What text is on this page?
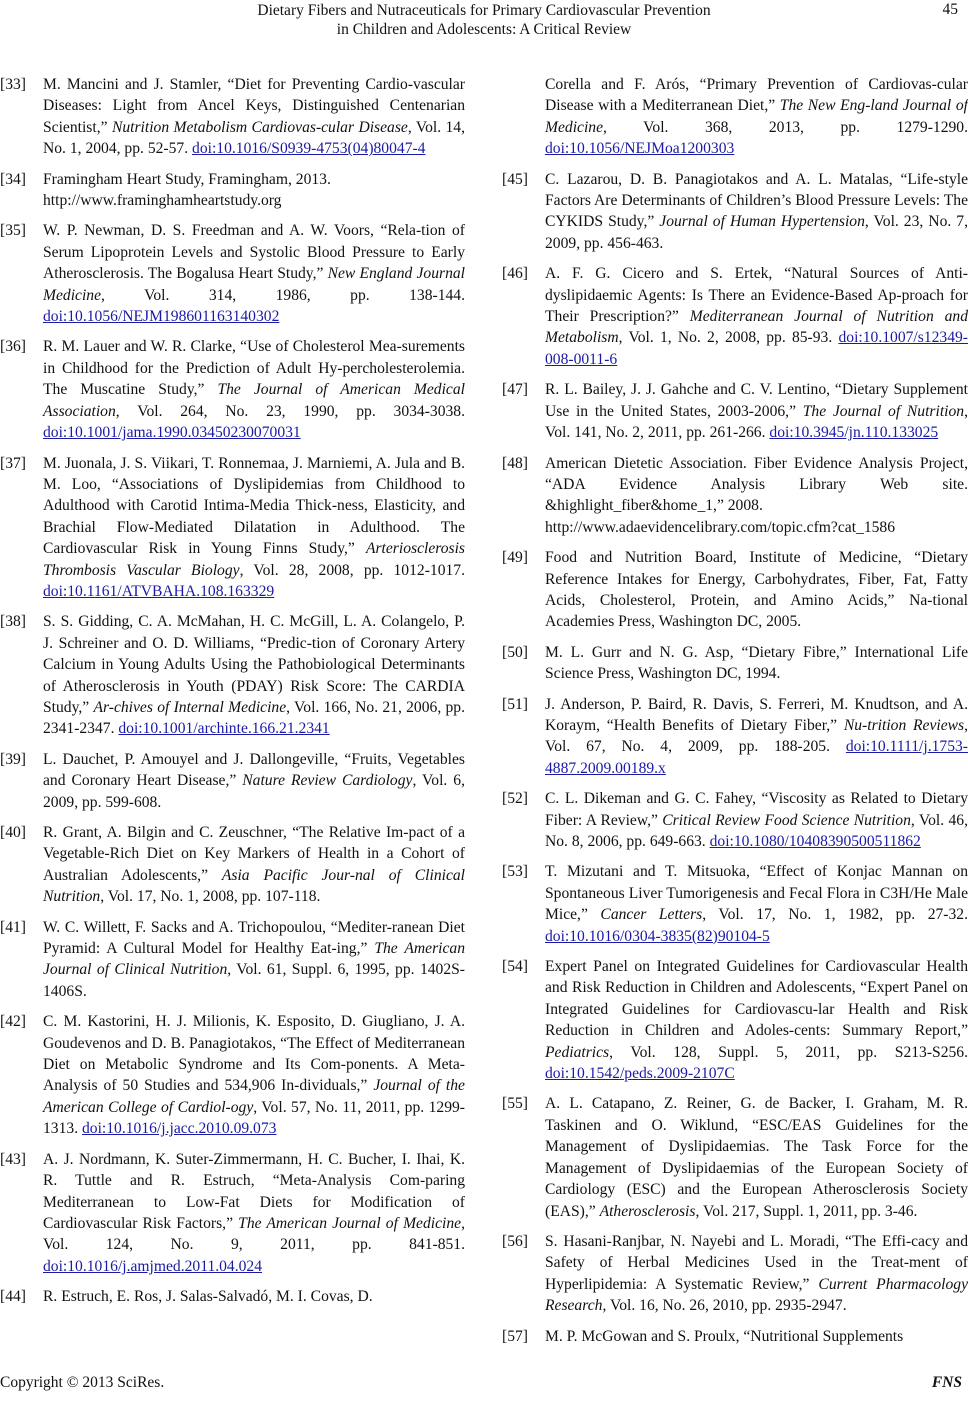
Dietary Fibers and Nutraceuticals for Primary Cardiovascular Prevention
in Children and Adolescents: A Critical Review
45
[33] M. Mancini and J. Stamler, “Diet for Preventing Cardio-vascular Diseases: Light from Ancel Keys, Distinguished Centenarian Scientist,” Nutrition Metabolism Cardiovas-cular Disease, Vol. 14, No. 1, 2004, pp. 52-57. doi:10.1016/S0939-4753(04)80047-4
[34] Framingham Heart Study, Framingham, 2013.
http://www.framinghamheartstudy.org
[35] W. P. Newman, D. S. Freedman and A. W. Voors, “Rela-tion of Serum Lipoprotein Levels and Systolic Blood Pressure to Early Atherosclerosis. The Bogalusa Heart Study,” New England Journal Medicine, Vol. 314, 1986, pp. 138-144. doi:10.1056/NEJM198601163140302
[36] R. M. Lauer and W. R. Clarke, “Use of Cholesterol Mea-surements in Childhood for the Prediction of Adult Hy-percholesterolemia. The Muscatine Study,” The Journal of American Medical Association, Vol. 264, No. 23, 1990, pp. 3034-3038. doi:10.1001/jama.1990.03450230070031
[37] M. Juonala, J. S. Viikari, T. Ronnemaa, J. Marniemi, A. Jula and B. M. Loo, “Associations of Dyslipidemias from Childhood to Adulthood with Carotid Intima-Media Thick-ness, Elasticity, and Brachial Flow-Mediated Dilatation in Adulthood. The Cardiovascular Risk in Young Finns Study,” Arteriosclerosis Thrombosis Vascular Biology, Vol. 28, 2008, pp. 1012-1017. doi:10.1161/ATVBAHA.108.163329
[38] S. S. Gidding, C. A. McMahan, H. C. McGill, L. A. Colangelo, P. J. Schreiner and O. D. Williams, “Predic-tion of Coronary Artery Calcium in Young Adults Using the Pathobiological Determinants of Atherosclerosis in Youth (PDAY) Risk Score: The CARDIA Study,” Ar-chives of Internal Medicine, Vol. 166, No. 21, 2006, pp. 2341-2347. doi:10.1001/archinte.166.21.2341
[39] L. Dauchet, P. Amouyel and J. Dallongeville, “Fruits, Vegetables and Coronary Heart Disease,” Nature Review Cardiology, Vol. 6, 2009, pp. 599-608.
[40] R. Grant, A. Bilgin and C. Zeuschner, “The Relative Im-pact of a Vegetable-Rich Diet on Key Markers of Health in a Cohort of Australian Adolescents,” Asia Pacific Jour-nal of Clinical Nutrition, Vol. 17, No. 1, 2008, pp. 107-118.
[41] W. C. Willett, F. Sacks and A. Trichopoulou, “Mediter-ranean Diet Pyramid: A Cultural Model for Healthy Eat-ing,” The American Journal of Clinical Nutrition, Vol. 61, Suppl. 6, 1995, pp. 1402S-1406S.
[42] C. M. Kastorini, H. J. Milionis, K. Esposito, D. Giugliano, J. A. Goudevenos and D. B. Panagiotakos, “The Effect of Mediterranean Diet on Metabolic Syndrome and Its Com-ponents. A Meta-Analysis of 50 Studies and 534,906 In-dividuals,” Journal of the American College of Cardiol-ogy, Vol. 57, No. 11, 2011, pp. 1299-1313. doi:10.1016/j.jacc.2010.09.073
[43] A. J. Nordmann, K. Suter-Zimmermann, H. C. Bucher, I. Ihai, K. R. Tuttle and R. Estruch, “Meta-Analysis Com-paring Mediterranean to Low-Fat Diets for Modification of Cardiovascular Risk Factors,” The American Journal of Medicine, Vol. 124, No. 9, 2011, pp. 841-851. doi:10.1016/j.amjmed.2011.04.024
[44] R. Estruch, E. Ros, J. Salas-Salvadó, M. I. Covas, D.
Corella and F. Arós, “Primary Prevention of Cardiovas-cular Disease with a Mediterranean Diet,” The New Eng-land Journal of Medicine, Vol. 368, 2013, pp. 1279-1290. doi:10.1056/NEJMoa1200303
[45] C. Lazarou, D. B. Panagiotakos and A. L. Matalas, “Life-style Factors Are Determinants of Children’s Blood Pressure Levels: The CYKIDS Study,” Journal of Human Hypertension, Vol. 23, No. 7, 2009, pp. 456-463.
[46] A. F. G. Cicero and S. Ertek, “Natural Sources of Anti-dyslipidaemic Agents: Is There an Evidence-Based Ap-proach for Their Prescription?” Mediterranean Journal of Nutrition and Metabolism, Vol. 1, No. 2, 2008, pp. 85-93. doi:10.1007/s12349-008-0011-6
[47] R. L. Bailey, J. J. Gahche and C. V. Lentino, “Dietary Supplement Use in the United States, 2003-2006,” The Journal of Nutrition, Vol. 141, No. 2, 2011, pp. 261-266. doi:10.3945/jn.110.133025
[48] American Dietetic Association. Fiber Evidence Analysis Project, “ADA Evidence Analysis Library Web site. &highlight_fiber&home_1,” 2008.
http://www.adaevidencelibrary.com/topic.cfm?cat_1586
[49] Food and Nutrition Board, Institute of Medicine, “Dietary Reference Intakes for Energy, Carbohydrates, Fiber, Fat, Fatty Acids, Cholesterol, Protein, and Amino Acids,” Na-tional Academies Press, Washington DC, 2005.
[50] M. L. Gurr and N. G. Asp, “Dietary Fibre,” International Life Science Press, Washington DC, 1994.
[51] J. Anderson, P. Baird, R. Davis, S. Ferreri, M. Knudtson, and A. Koraym, “Health Benefits of Dietary Fiber,” Nu-trition Reviews, Vol. 67, No. 4, 2009, pp. 188-205. doi:10.1111/j.1753-4887.2009.00189.x
[52] C. L. Dikeman and G. C. Fahey, “Viscosity as Related to Dietary Fiber: A Review,” Critical Review Food Science Nutrition, Vol. 46, No. 8, 2006, pp. 649-663. doi:10.1080/10408390500511862
[53] T. Mizutani and T. Mitsuoka, “Effect of Konjac Mannan on Spontaneous Liver Tumorigenesis and Fecal Flora in C3H/He Male Mice,” Cancer Letters, Vol. 17, No. 1, 1982, pp. 27-32. doi:10.1016/0304-3835(82)90104-5
[54] Expert Panel on Integrated Guidelines for Cardiovascular Health and Risk Reduction in Children and Adolescents, “Expert Panel on Integrated Guidelines for Cardiovascu-lar Health and Risk Reduction in Children and Adoles-cents: Summary Report,” Pediatrics, Vol. 128, Suppl. 5, 2011, pp. S213-S256. doi:10.1542/peds.2009-2107C
[55] A. L. Catapano, Z. Reiner, G. de Backer, I. Graham, M. R. Taskinen and O. Wiklund, “ESC/EAS Guidelines for the Management of Dyslipidaemias. The Task Force for the Management of Dyslipidaemias of the European Society of Cardiology (ESC) and the European Atherosclerosis Society (EAS),” Atherosclerosis, Vol. 217, Suppl. 1, 2011, pp. 3-46.
[56] S. Hasani-Ranjbar, N. Nayebi and L. Moradi, “The Effi-cacy and Safety of Herbal Medicines Used in the Treat-ment of Hyperlipidemia: A Systematic Review,” Current Pharmacology Research, Vol. 16, No. 26, 2010, pp. 2935-2947.
[57] M. P. McGowan and S. Proulx, “Nutritional Supplements
Copyright © 2013 SciRes.	FNS
